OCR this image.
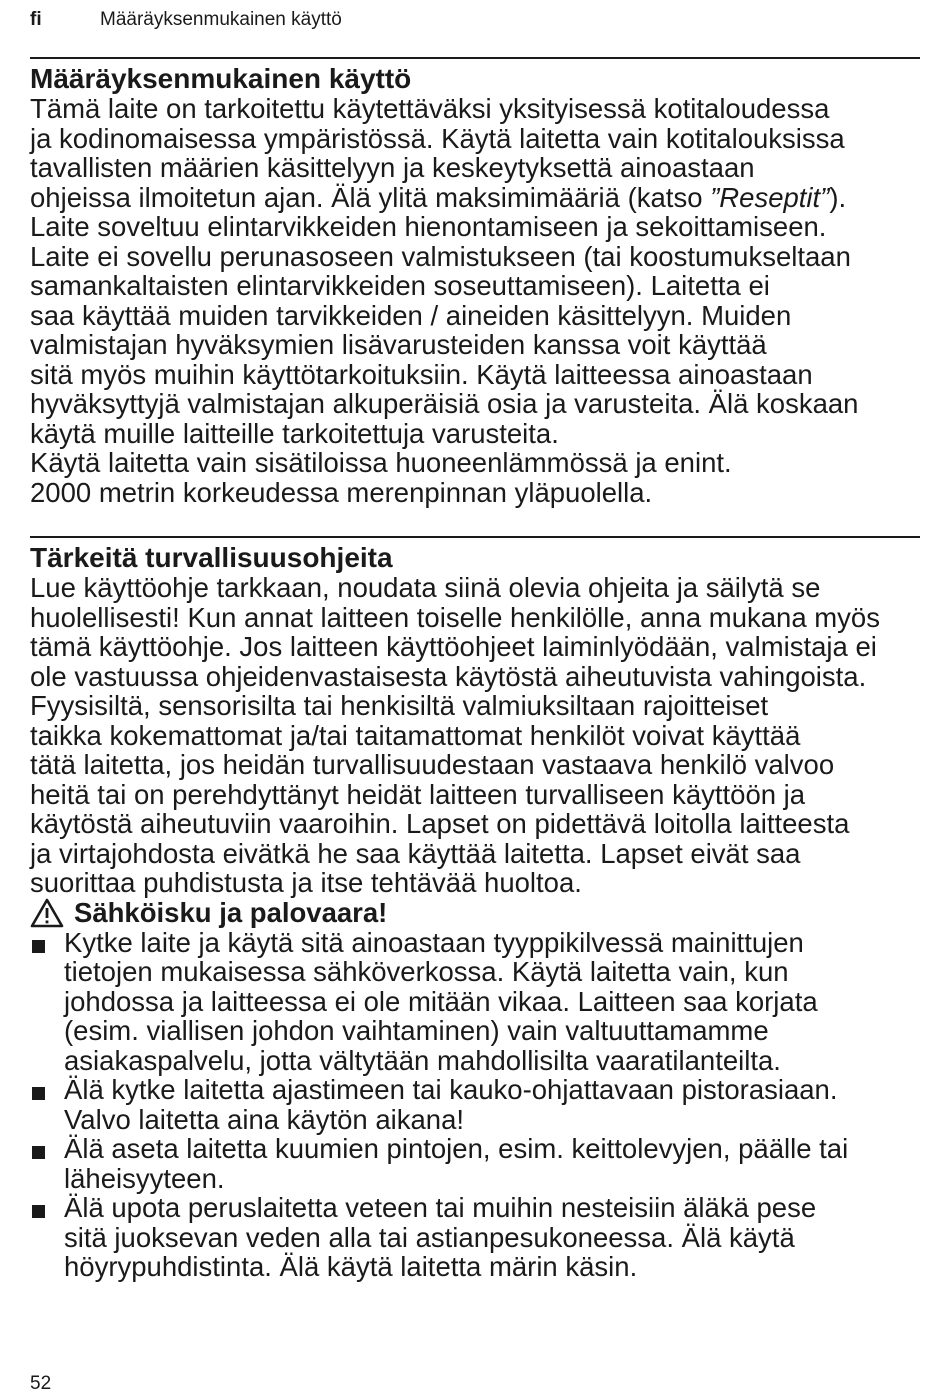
fi	Määräyksenmukainen käyttö
Määräyksenmukainen käyttö
Tämä laite on tarkoitettu käytettäväksi yksityisessä kotitaloudessa
ja kodinomaisessa ympäristössä. Käytä laitetta vain kotitalouksissa
tavallisten määrien käsittelyyn ja keskeytyksettä ainoastaan
ohjeissa ilmoitetun ajan. Älä ylitä maksimimääriä (katso ”Reseptit”).
Laite soveltuu elintarvikkeiden hienontamiseen ja sekoittamiseen.
Laite ei sovellu perunasoseen valmistukseen (tai koostumukseltaan
samankaltaisten elintarvikkeiden soseuttamiseen). Laitetta ei
saa käyttää muiden tarvikkeiden / aineiden käsittelyyn. Muiden
valmistajan hyväksymien lisävarusteiden kanssa voit käyttää
sitä myös muihin käyttötarkoituksiin. Käytä laitteessa ainoastaan
hyväksyttyjä valmistajan alkuperäisiä osia ja varusteita. Älä koskaan
käytä muille laitteille tarkoitettuja varusteita.
Käytä laitetta vain sisätiloissa huoneenlämmössä ja enint.
2000 metrin korkeudessa merenpinnan yläpuolella.
Tärkeitä turvallisuusohjeita
Lue käyttöohje tarkkaan, noudata siinä olevia ohjeita ja säilytä se
huolellisesti! Kun annat laitteen toiselle henkilölle, anna mukana myös
tämä käyttöohje. Jos laitteen käyttöohjeet laiminlyödään, valmistaja ei
ole vastuussa ohjeidenvastaisesta käytöstä aiheutuvista vahingoista.
Fyysisiltä, sensorisilta tai henkisiltä valmiuksiltaan rajoitteiset
taikka kokemattomat ja/tai taitamattomat henkilöt voivat käyttää
tätä laitetta, jos heidän turvallisuudestaan vastaava henkilö valvoo
heitä tai on perehdyttänyt heidät laitteen turvalliseen käyttöön ja
käytöstä aiheutuviin vaaroihin. Lapset on pidettävä loitolla laitteesta
ja virtajohdosta eivätkä he saa käyttää laitetta. Lapset eivät saa
suorittaa puhdistusta ja itse tehtävää huoltoa.
Sähköisku ja palovaara!
Kytke laite ja käytä sitä ainoastaan tyyppikilvessä mainittujen
tietojen mukaisessa sähköverkossa. Käytä laitetta vain, kun
johdossa ja laitteessa ei ole mitään vikaa. Laitteen saa korjata
(esim. viallisen johdon vaihtaminen) vain valtuuttamamme
asiakaspalvelu, jotta vältytään mahdollisilta vaaratilanteilta.
Älä kytke laitetta ajastimeen tai kauko-ohjattavaan pistorasiaan.
Valvo laitetta aina käytön aikana!
Älä aseta laitetta kuumien pintojen, esim. keittolevyjen, päälle tai
läheisyyteen.
Älä upota peruslaitetta veteen tai muihin nesteisiin äläkä pese
sitä juoksevan veden alla tai astianpesukoneessa. Älä käytä
höyrypuhdistinta. Älä käytä laitetta märin käsin.
52
